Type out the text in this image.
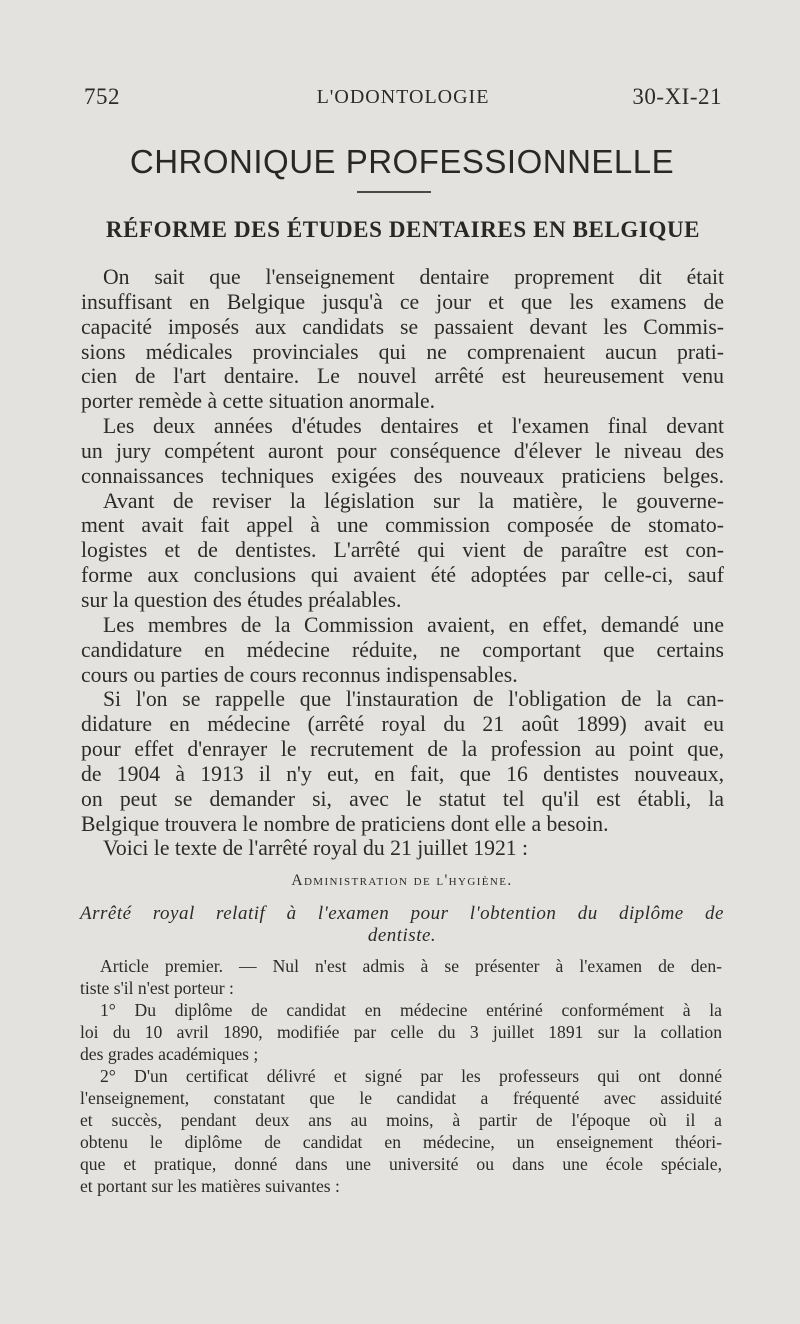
752	L'ODONTOLOGIE	30-XI-21
CHRONIQUE PROFESSIONNELLE
RÉFORME DES ÉTUDES DENTAIRES EN BELGIQUE
On sait que l'enseignement dentaire proprement dit était
insuffisant en Belgique jusqu'à ce jour et que les examens de
capacité imposés aux candidats se passaient devant les Commis-
sions médicales provinciales qui ne comprenaient aucun prati-
cien de l'art dentaire. Le nouvel arrêté est heureusement venu
porter remède à cette situation anormale.
Les deux années d'études dentaires et l'examen final devant
un jury compétent auront pour conséquence d'élever le niveau des
connaissances techniques exigées des nouveaux praticiens belges.
Avant de reviser la législation sur la matière, le gouverne-
ment avait fait appel à une commission composée de stomato-
logistes et de dentistes. L'arrêté qui vient de paraître est con-
forme aux conclusions qui avaient été adoptées par celle-ci, sauf
sur la question des études préalables.
Les membres de la Commission avaient, en effet, demandé une
candidature en médecine réduite, ne comportant que certains
cours ou parties de cours reconnus indispensables.
Si l'on se rappelle que l'instauration de l'obligation de la can-
didature en médecine (arrêté royal du 21 août 1899) avait eu
pour effet d'enrayer le recrutement de la profession au point que,
de 1904 à 1913 il n'y eut, en fait, que 16 dentistes nouveaux,
on peut se demander si, avec le statut tel qu'il est établi, la
Belgique trouvera le nombre de praticiens dont elle a besoin.
Voici le texte de l'arrêté royal du 21 juillet 1921 :
Administration de l'hygiène.
Arrêté royal relatif à l'examen pour l'obtention du diplôme de
dentiste.
Article premier. — Nul n'est admis à se présenter à l'examen de den-
tiste s'il n'est porteur :
1° Du diplôme de candidat en médecine entériné conformément à la
loi du 10 avril 1890, modifiée par celle du 3 juillet 1891 sur la collation
des grades académiques ;
2° D'un certificat délivré et signé par les professeurs qui ont donné
l'enseignement, constatant que le candidat a fréquenté avec assiduité
et succès, pendant deux ans au moins, à partir de l'époque où il a
obtenu le diplôme de candidat en médecine, un enseignement théori-
que et pratique, donné dans une université ou dans une école spéciale,
et portant sur les matières suivantes :
